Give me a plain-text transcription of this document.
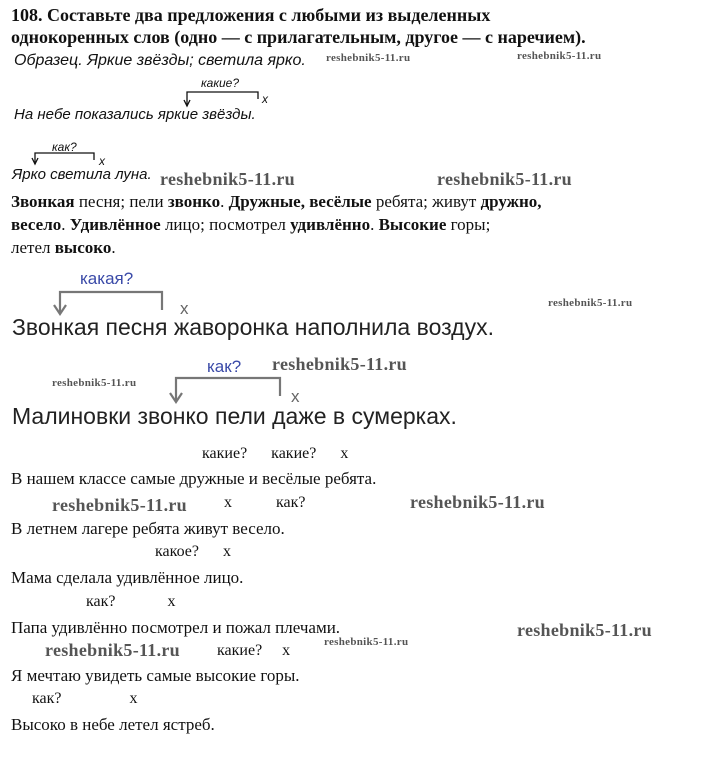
108. Составьте два предложения с любыми из выделенных
однокоренных слов (одно — с прилагательным, другое — с наречием).
Образец. Яркие звёзды; светила ярко. reshebnik5-11.ru	reshebnik5-11.ru
какие?
x
На небе показались яркие звёзды.
как?
x
Ярко светила луна. reshebnik5-11.ru	reshebnik5-11.ru
Звонкая песня; пели звонко. Дружные, весёлые ребята; живут дружно,
весело. Удивлённое лицо; посмотрел удивлённо. Высокие горы;
летел высоко.
какая?
x	reshebnik5-11.ru
Звонкая песня жаворонка наполнила воздух.
как? reshebnik5-11.ru
reshebnik5-11.ru
x
Малиновки звонко пели даже в сумерках.
какие?      какие?      x
В нашем классе самые дружные и весёлые ребята.
reshebnik5-11.ru x           как?	reshebnik5-11.ru
В летнем лагере ребята живут весело.
какое?      x
Мама сделала удивлённое лицо.
как?             x
Папа удивлённо посмотрел и пожал плечами.	reshebnik5-11.ru
reshebnik5-11.ru какие?     x	reshebnik5-11.ru
Я мечтаю увидеть самые высокие горы.
как?                 x
Высоко в небе летел ястреб.
